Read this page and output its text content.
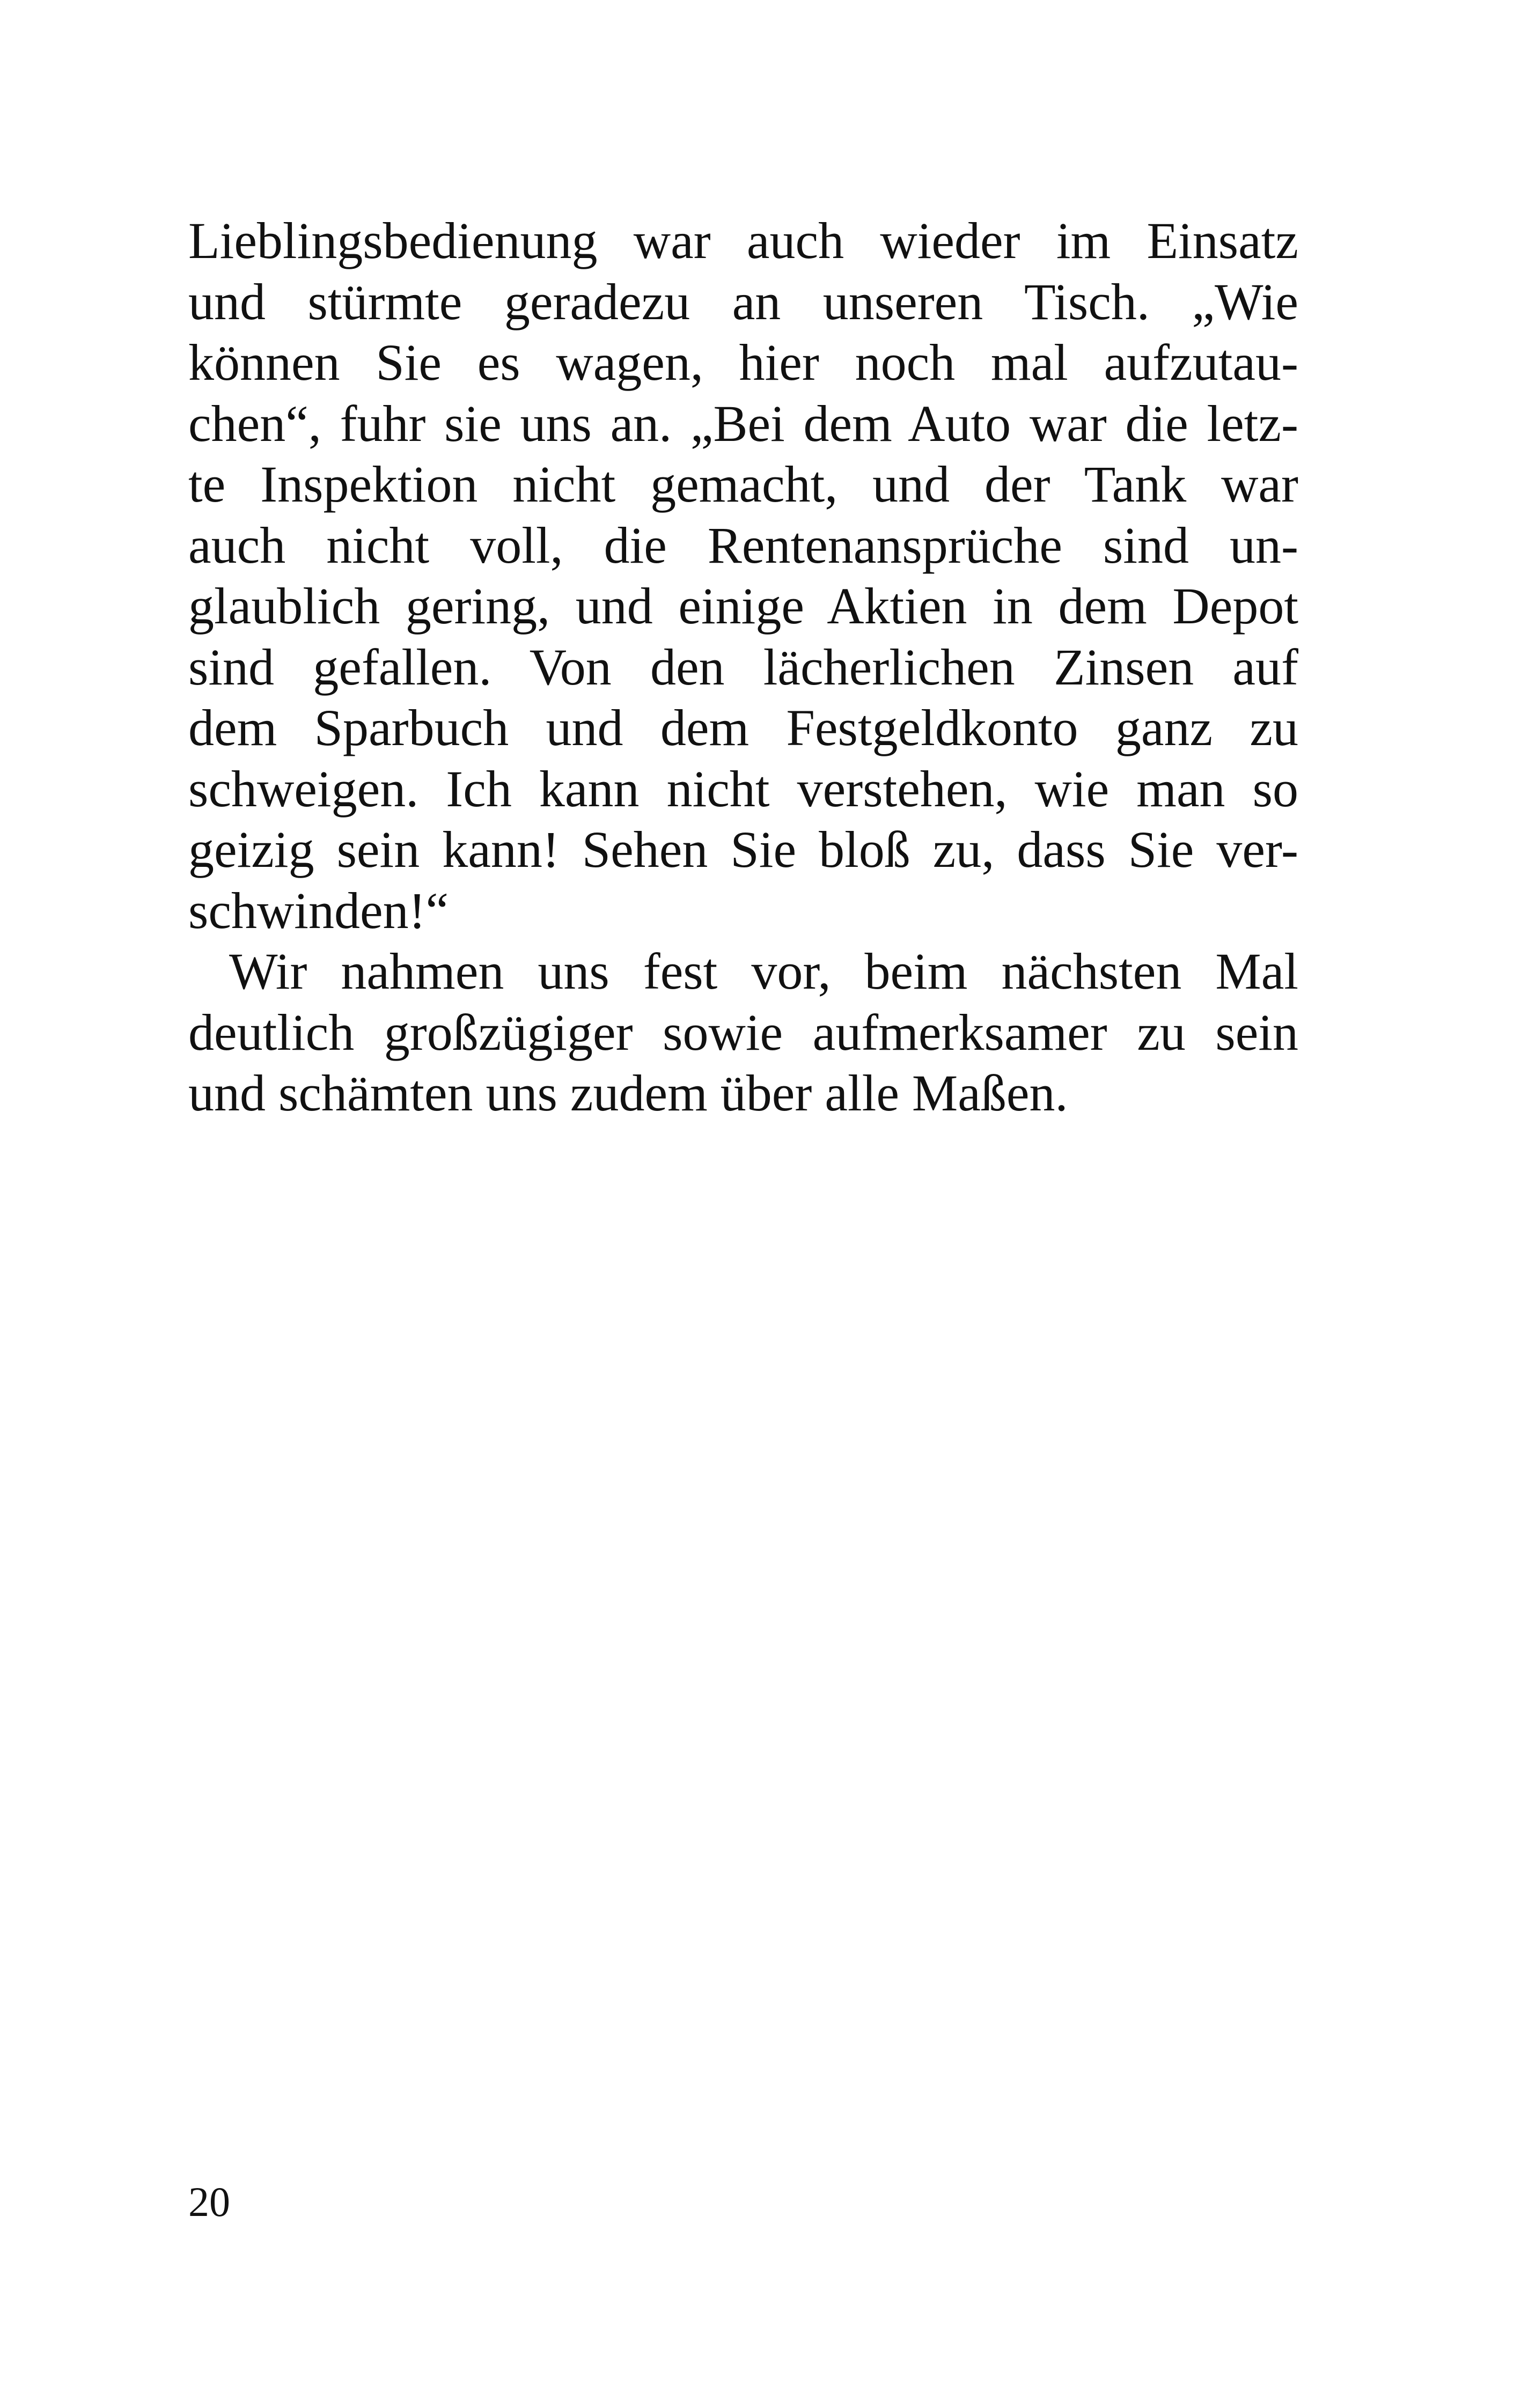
Lieblingsbedienung war auch wieder im Einsatz
und stürmte geradezu an unseren Tisch. „Wie
können Sie es wagen, hier noch mal aufzutau-
chen“, fuhr sie uns an. „Bei dem Auto war die letz-
te Inspektion nicht gemacht, und der Tank war
auch nicht voll, die Rentenansprüche sind un-
glaublich gering, und einige Aktien in dem Depot
sind gefallen. Von den lächerlichen Zinsen auf
dem Sparbuch und dem Festgeldkonto ganz zu
schweigen. Ich kann nicht verstehen, wie man so
geizig sein kann! Sehen Sie bloß zu, dass Sie ver-
schwinden!“
Wir nahmen uns fest vor, beim nächsten Mal
deutlich großzügiger sowie aufmerksamer zu sein
und schämten uns zudem über alle Maßen.
20
